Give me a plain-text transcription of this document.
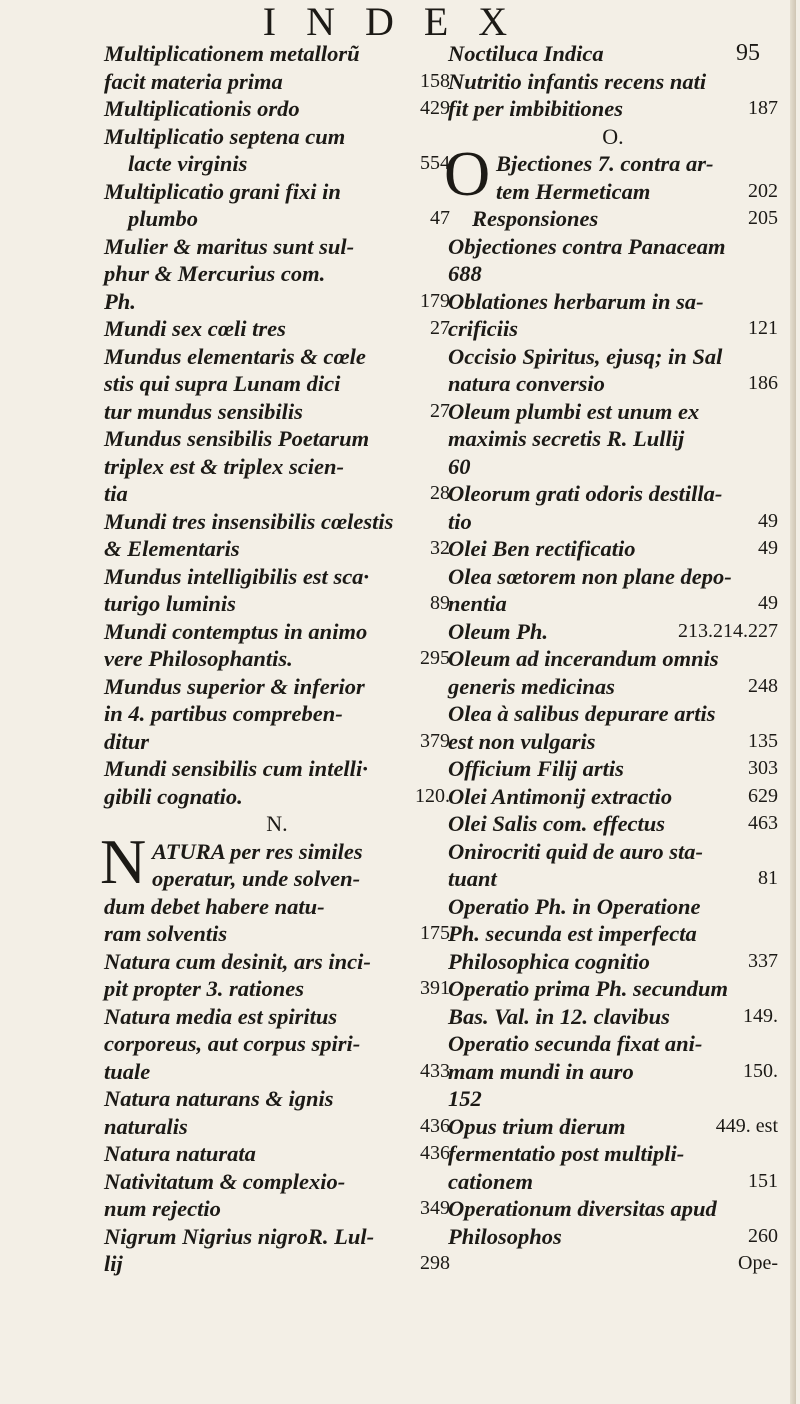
INDEX
95
Multiplicationem metallorũ
facit materia prima	158
Multiplicationis ordo	429
Multiplicatio septena cum
lacte virginis	554
Multiplicatio grani fixi in
plumbo	47
Mulier & maritus sunt sul-
phur & Mercurius com.
Ph.	179
Mundi sex cœli tres	27
Mundus elementaris & cœle
stis qui supra Lunam dici
tur mundus sensibilis	27
Mundus sensibilis Poetarum
triplex est & triplex scien-
tia	28
Mundi tres insensibilis cœlestis
& Elementaris	32
Mundus intelligibilis est sca·
turigo luminis	89
Mundi contemptus in animo
vere Philosophantis.	295
Mundus superior & inferior
in 4. partibus compreben-
ditur	379
Mundi sensibilis cum intelli·
gibili cognatio.	120.
N.
N ATURA per res similes
operatur, unde solven-
dum debet habere natu-
ram solventis	175
Natura cum desinit, ars inci-
pit propter 3. rationes	391
Natura media est spiritus
corporeus, aut corpus spiri-
tuale	433
Natura naturans & ignis
naturalis	436
Natura naturata	436
Nativitatum & complexio-
num rejectio	349
Nigrum Nigrius nigroR. Lul-
lij	298
Noctiluca Indica
Nutritio infantis recens nati
fit per imbibitiones	187
O.
O Bjectiones 7. contra ar-
tem Hermeticam	202
Responsiones	205
Objectiones contra Panaceam
688
Oblationes herbarum in sa-
crificiis	121
Occisio Spiritus, ejusq; in Sal
natura conversio	186
Oleum plumbi est unum ex
maximis secretis R. Lullij
60
Oleorum grati odoris destilla-
tio	49
Olei Ben rectificatio	49
Olea sœtorem non plane depo-
nentia	49
Oleum Ph.	213.214.227
Oleum ad incerandum omnis
generis medicinas	248
Olea à salibus depurare artis
est non vulgaris	135
Officium Filij artis	303
Olei Antimonij extractio	629
Olei Salis com. effectus	463
Onirocriti quid de auro sta-
tuant	81
Operatio Ph. in Operatione
Ph. secunda est imperfecta
Philosophica cognitio	337
Operatio prima Ph. secundum
Bas. Val. in 12. clavibus	149.
Operatio secunda fixat ani-
mam mundi in auro	150.
152
Opus trium dierum	449. est
fermentatio post multipli-
cationem	151
Operationum diversitas apud
Philosophos	260
Ope-
